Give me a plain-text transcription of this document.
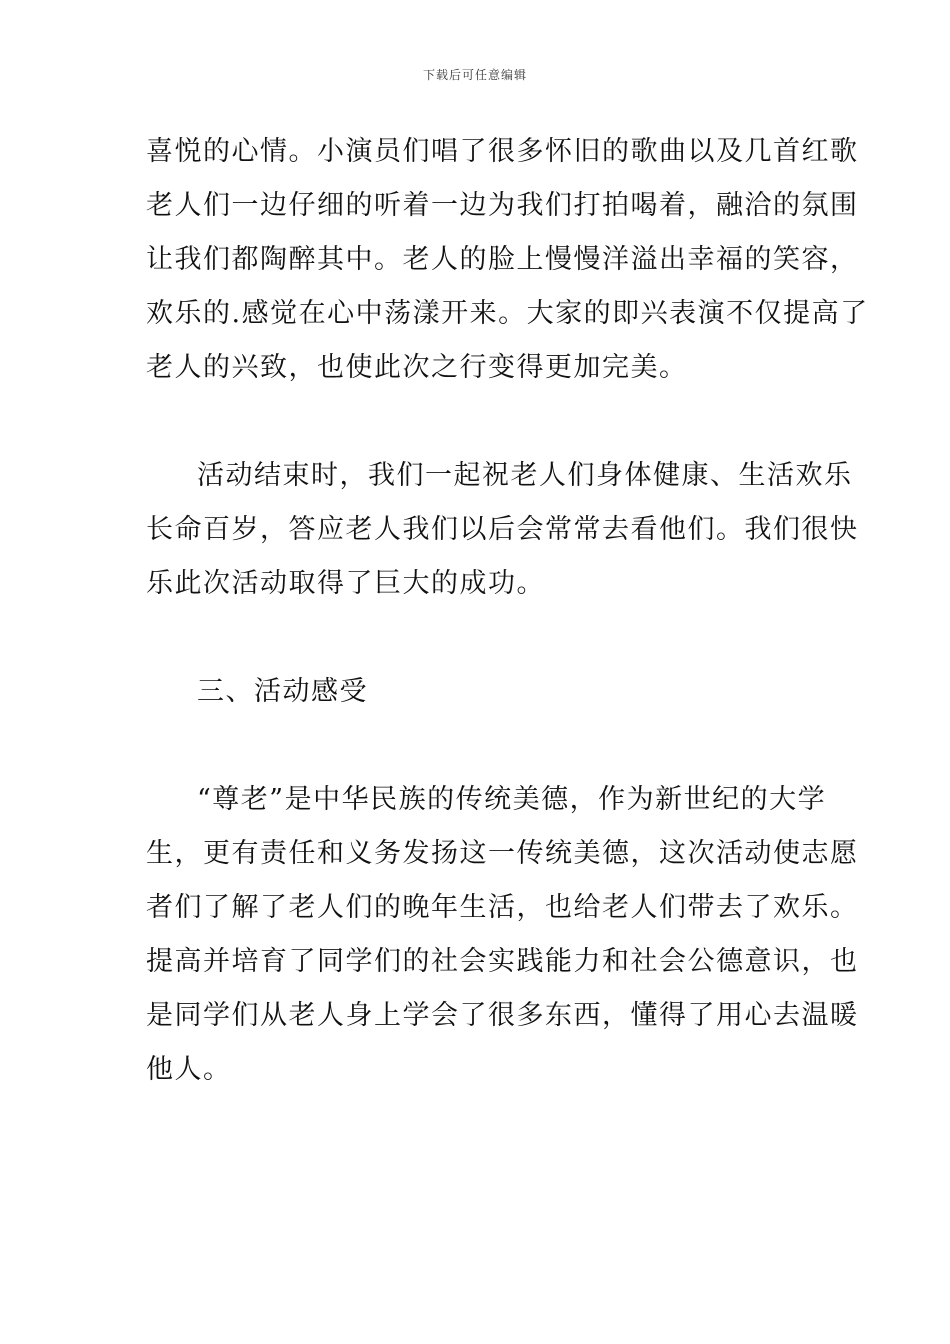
下载后可任意编辑
喜悦的心情。小演员们唱了很多怀旧的歌曲以及几首红歌
老人们一边仔细的听着一边为我们打拍喝着，融洽的氛围
让我们都陶醉其中。老人的脸上慢慢洋溢出幸福的笑容，
欢乐的.感觉在心中荡漾开来。大家的即兴表演不仅提高了
老人的兴致，也使此次之行变得更加完美。
活动结束时，我们一起祝老人们身体健康、生活欢乐
长命百岁，答应老人我们以后会常常去看他们。我们很快
乐此次活动取得了巨大的成功。
三、活动感受
“尊老”是中华民族的传统美德，作为新世纪的大学
生，更有责任和义务发扬这一传统美德，这次活动使志愿
者们了解了老人们的晚年生活，也给老人们带去了欢乐。
提高并培育了同学们的社会实践能力和社会公德意识，也
是同学们从老人身上学会了很多东西，懂得了用心去温暖
他人。
